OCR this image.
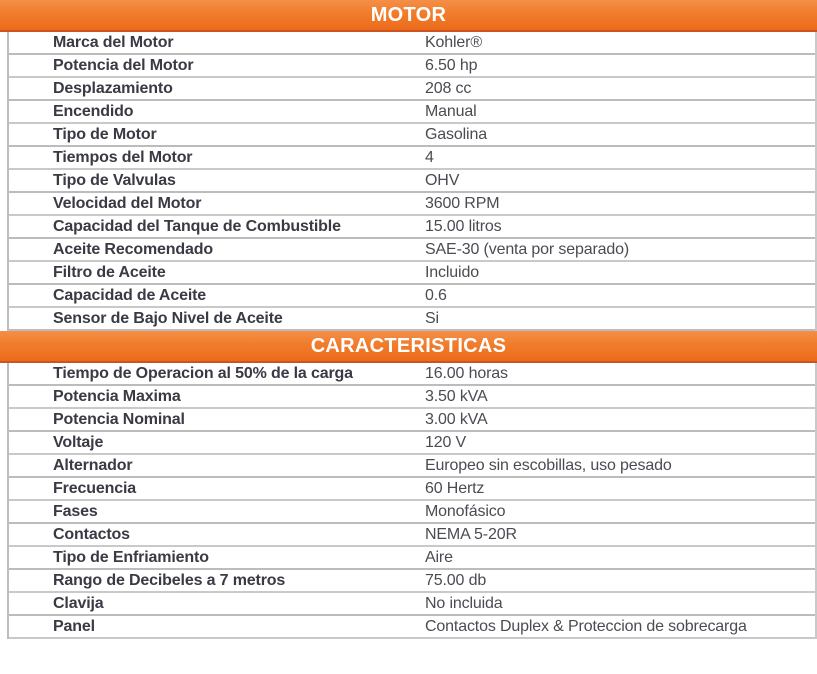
MOTOR
Marca del Motor	Kohler®
Potencia del Motor	6.50 hp
Desplazamiento	208 cc
Encendido	Manual
Tipo de Motor	Gasolina
Tiempos del Motor	4
Tipo de Valvulas	OHV
Velocidad del Motor	3600 RPM
Capacidad del Tanque de Combustible	15.00 litros
Aceite Recomendado	SAE-30 (venta por separado)
Filtro de Aceite	Incluido
Capacidad de Aceite	0.6
Sensor de Bajo Nivel de Aceite	Si
CARACTERISTICAS
Tiempo de Operacion al 50% de la carga	16.00 horas
Potencia Maxima	3.50 kVA
Potencia Nominal	3.00 kVA
Voltaje	120 V
Alternador	Europeo sin escobillas, uso pesado
Frecuencia	60 Hertz
Fases	Monofásico
Contactos	NEMA 5-20R
Tipo de Enfriamiento	Aire
Rango de Decibeles a 7 metros	75.00 db
Clavija	No incluida
Panel	Contactos Duplex & Proteccion de sobrecarga
